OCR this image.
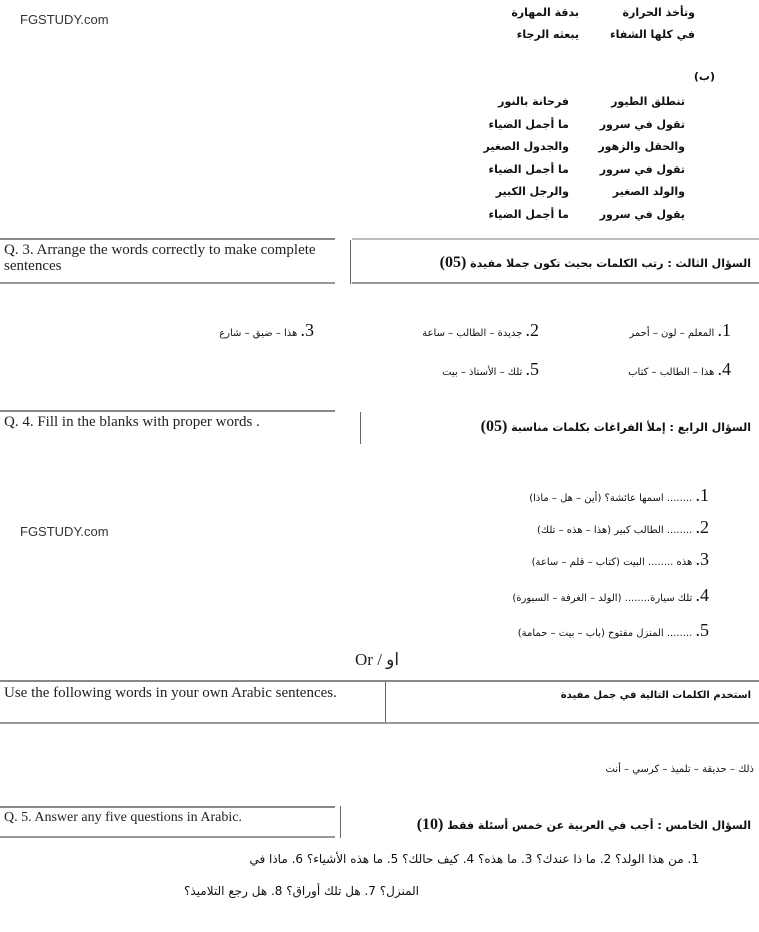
FGSTUDY.com
FGSTUDY.com
وتأخذ الحرارة
بدقة المهارة
في كلها الشفاء
يبعثه الرجاء
(ب)
تنطلق الطيور
فرحانة بالنور
تقول في سرور
ما أجمل الضياء
والحقل والزهور
والجدول الصغير
تقول في سرور
ما أجمل الضياء
والولد الصغير
والرجل الكبير
يقول في سرور
ما أجمل الضياء
Q. 3. Arrange the words correctly to make complete sentences	السؤال الثالث : رتب الكلمات بحيث تكون جملا مفيدة (05)
1. المعلم – لون – أحمر
2. جديدة – الطالب – ساعة
3. هذا – ضيق – شارع
4. هذا – الطالب – كتاب
5. تلك – الأستاذ – بيت
Q. 4. Fill in the blanks with proper words .	السؤال الرابع : إملأ الفراغات بكلمات مناسبة (05)
1. ........ اسمها عائشة؟ (أين – هل – ماذا)
2. ........ الطالب كبير (هذا – هذه – تلك)
3. هذه ........ البيت (كتاب – قلم – ساعة)
4. تلك سيارة........ (الولد – الغرفة – السبورة)
5. ........ المنزل مفتوح (باب – بيت – حمامة)
Or / او
Use the following words in your own Arabic sentences.	استخدم الكلمات التالية في جمل مفيدة
ذلك – حديقة – تلميذ – كرسي – أنت
Q. 5. Answer any five questions in Arabic.
السؤال الخامس : أجب في العربية عن خمس أسئلة فقط (10)
1. من هذا الولد؟ 2. ما ذا عندك؟ 3. ما هذه؟ 4. كيف حالك؟ 5. ما هذه الأشياء؟ 6. ماذا في
المنزل؟ 7. هل تلك أوراق؟ 8. هل رجع التلاميذ؟
